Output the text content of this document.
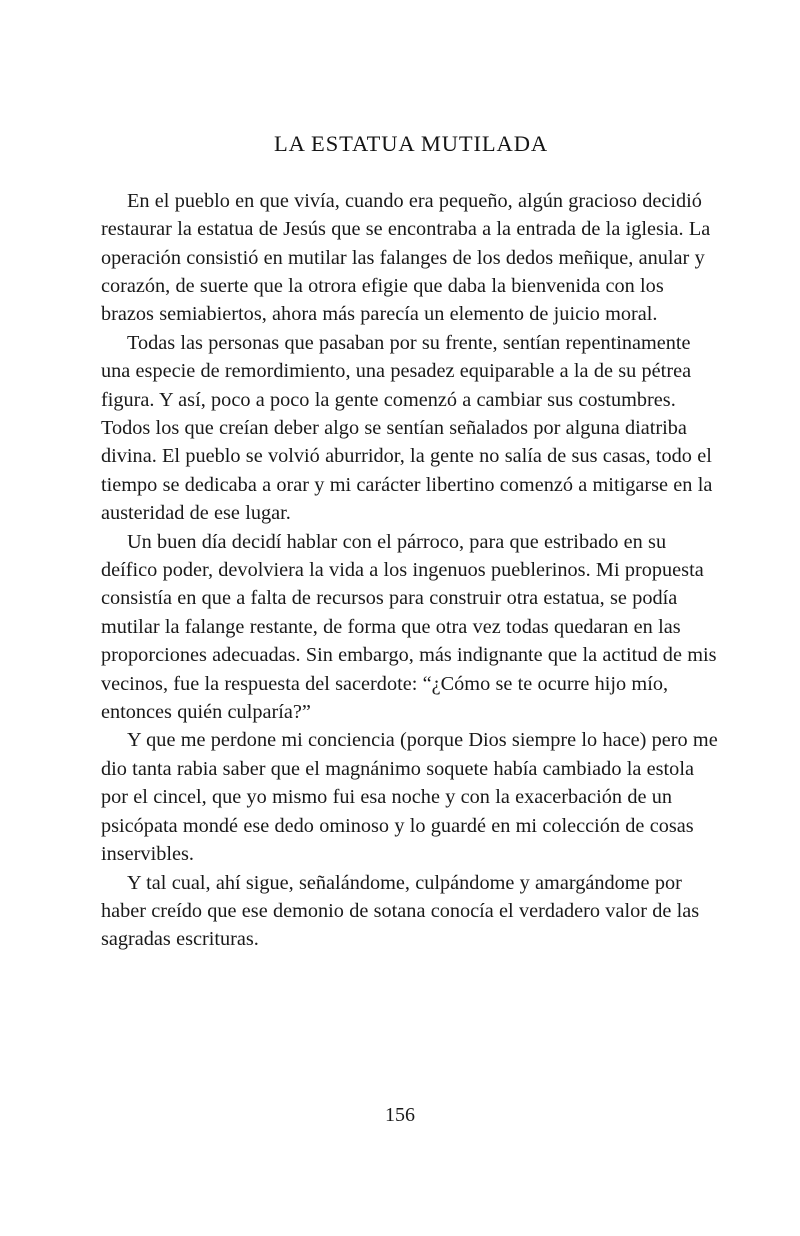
LA ESTATUA MUTILADA

En el pueblo en que vivía, cuando era pequeño, algún gracioso decidió restaurar la estatua de Jesús que se encontraba a la entrada de la iglesia. La operación consistió en mutilar las falanges de los dedos meñique, anular y corazón, de suerte que la otrora efigie que daba la bienvenida con los brazos semiabiertos, ahora más parecía un elemento de juicio moral.

Todas las personas que pasaban por su frente, sentían repentinamente una especie de remordimiento, una pesadez equiparable a la de su pétrea figura. Y así, poco a poco la gente comenzó a cambiar sus costumbres. Todos los que creían deber algo se sentían señalados por alguna diatriba divina. El pueblo se volvió aburridor, la gente no salía de sus casas, todo el tiempo se dedicaba a orar y mi carácter libertino comenzó a mitigarse en la austeridad de ese lugar.

Un buen día decidí hablar con el párroco, para que estribado en su deífico poder, devolviera la vida a los ingenuos pueblerinos. Mi propuesta consistía en que a falta de recursos para construir otra estatua, se podía mutilar la falange restante, de forma que otra vez todas quedaran en las proporciones adecuadas. Sin embargo, más indignante que la actitud de mis vecinos, fue la respuesta del sacerdote: “¿Cómo se te ocurre hijo mío, entonces quién culparía?”

Y que me perdone mi conciencia (porque Dios siempre lo hace) pero me dio tanta rabia saber que el magnánimo soquete había cambiado la estola por el cincel, que yo mismo fui esa noche y con la exacerbación de un psicópata mondé ese dedo ominoso y lo guardé en mi colección de cosas inservibles.

Y tal cual, ahí sigue, señalándome, culpándome y amargándome por haber creído que ese demonio de sotana conocía el verdadero valor de las sagradas escrituras.

156
